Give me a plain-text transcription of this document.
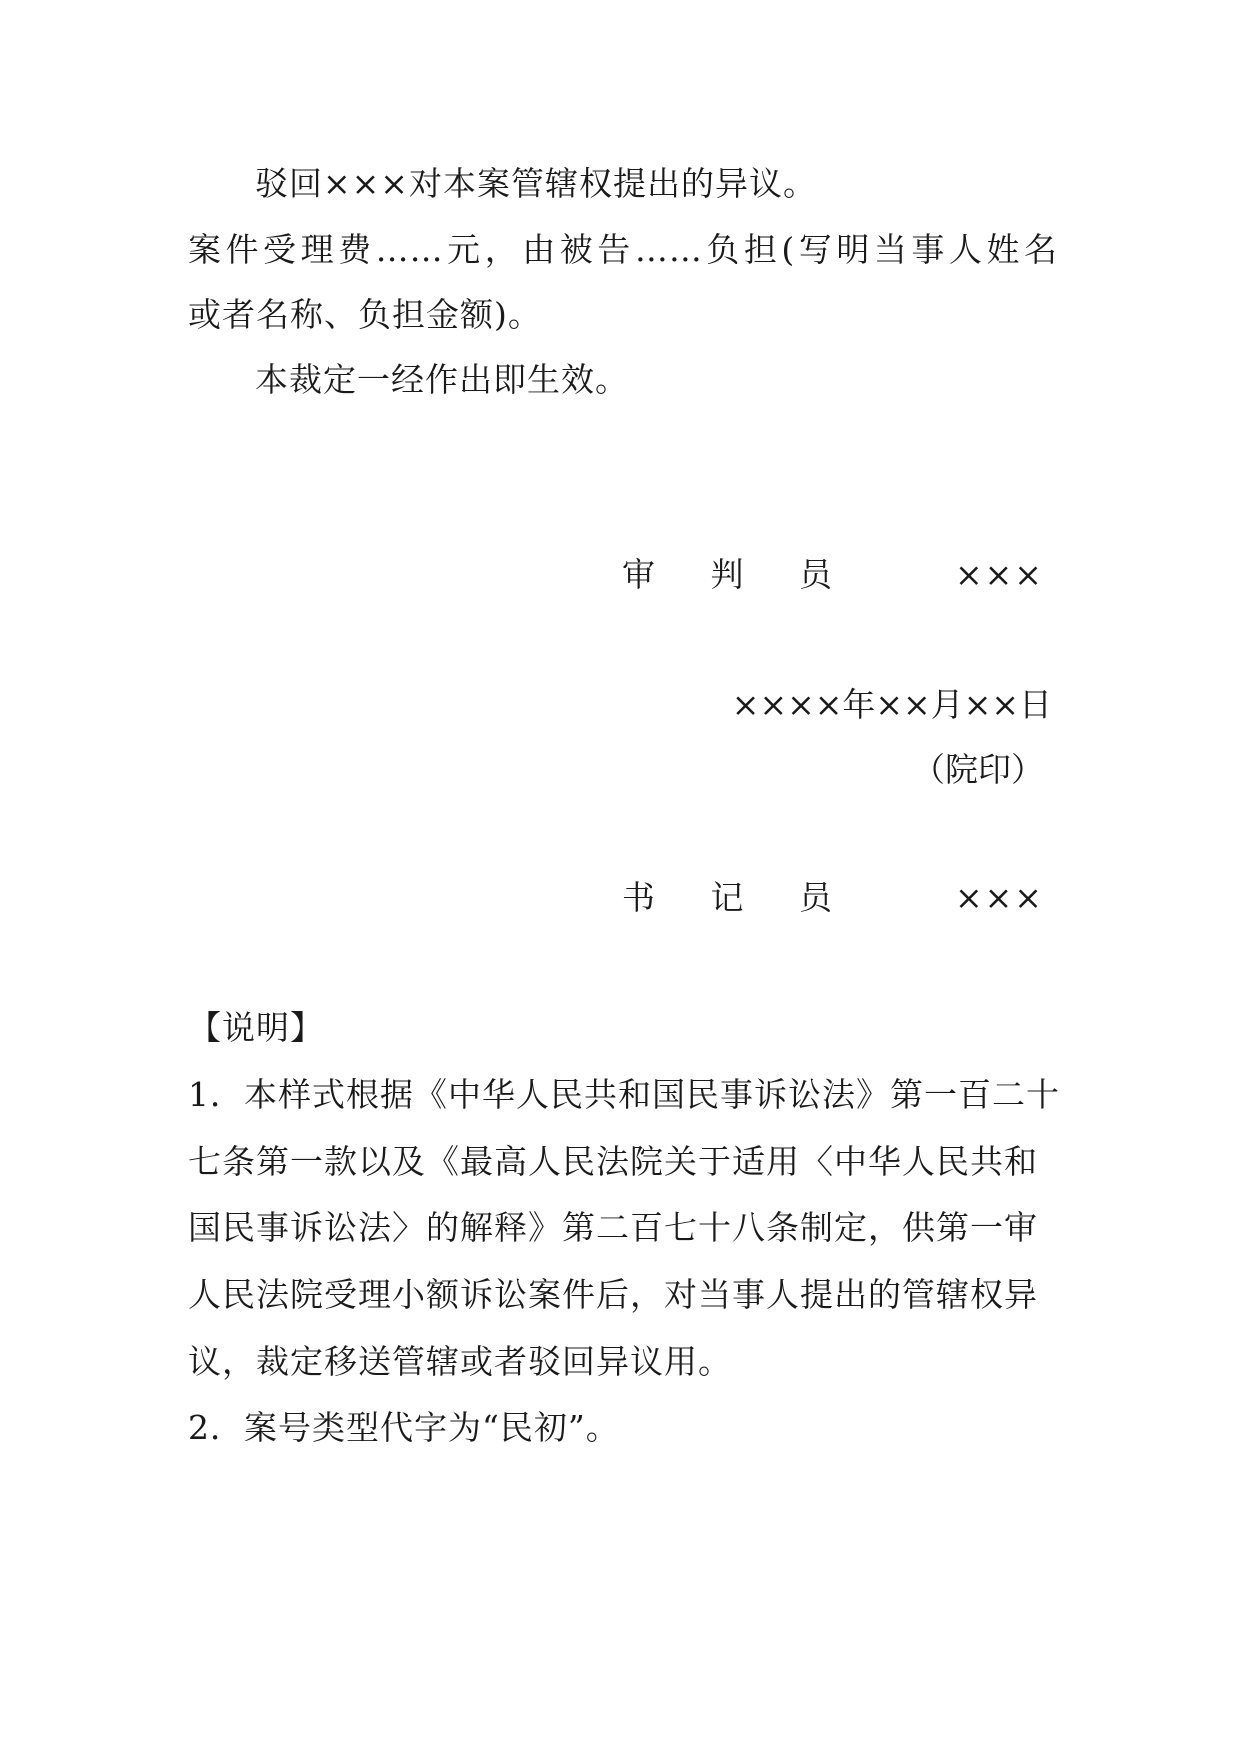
驳回×××对本案管辖权提出的异议。
案件受理费……元，由被告……负担(写明当事人姓名
或者名称、负担金额)。
本裁定一经作出即生效。
审　判　员	×××
××××年××月××日
（院印）
书　记　员	×××
【说明】
1．本样式根据《中华人民共和国民事诉讼法》第一百二十
七条第一款以及《最高人民法院关于适用〈中华人民共和
国民事诉讼法〉的解释》第二百七十八条制定，供第一审
人民法院受理小额诉讼案件后，对当事人提出的管辖权异
议，裁定移送管辖或者驳回异议用。
2．案号类型代字为“民初”。
